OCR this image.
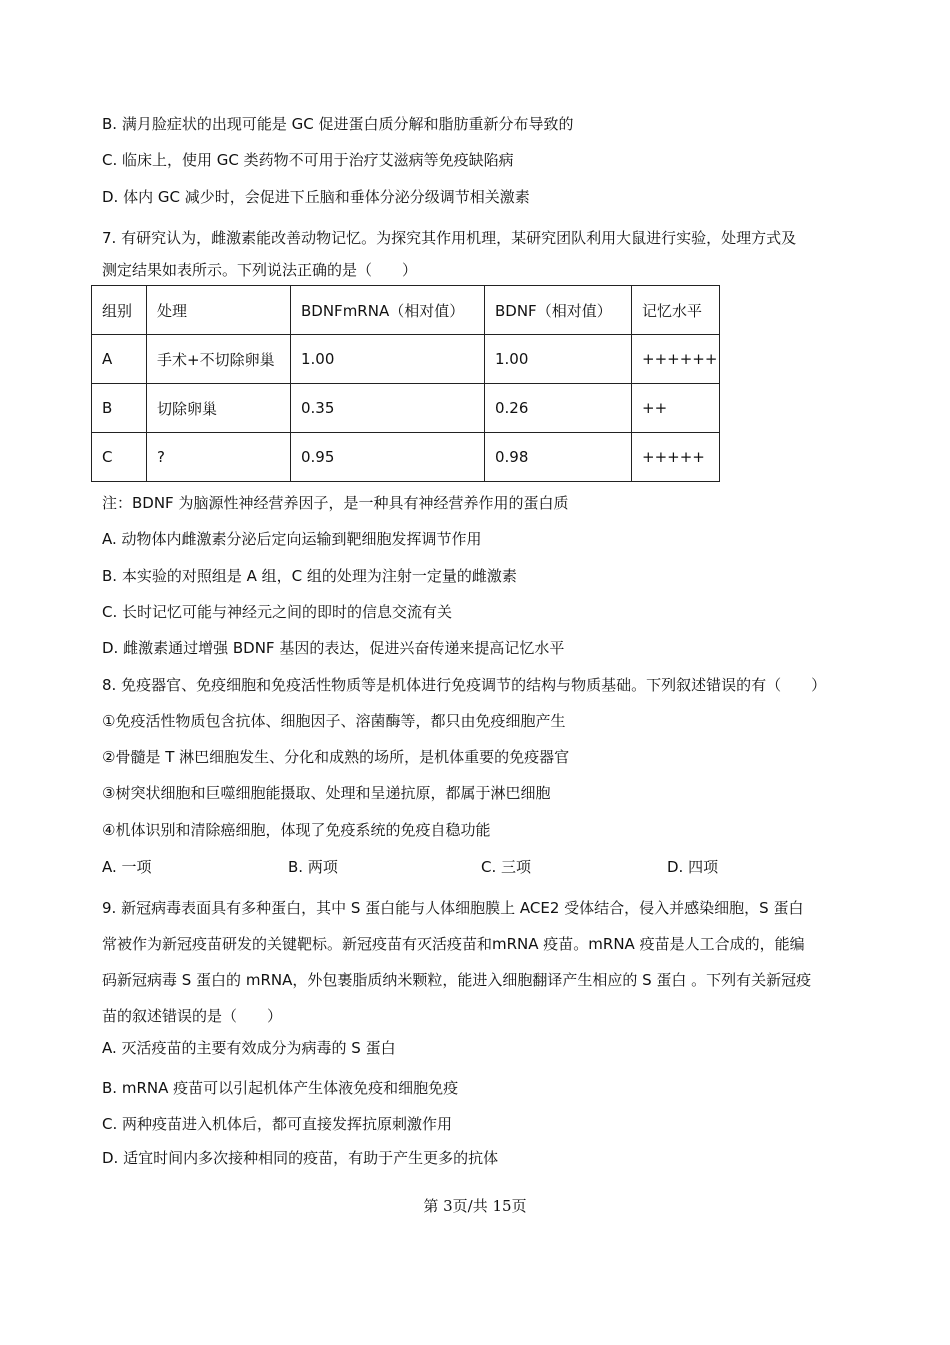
B. 满月脸症状的出现可能是 GC 促进蛋白质分解和脂肪重新分布导致的
C. 临床上，使用 GC 类药物不可用于治疗艾滋病等免疫缺陷病
D. 体内 GC 减少时，会促进下丘脑和垂体分泌分级调节相关激素
7. 有研究认为，雌激素能改善动物记忆。为探究其作用机理，某研究团队利用大鼠进行实验，处理方式及
测定结果如表所示。下列说法正确的是（　　）
组别	处理	BDNFmRNA（相对值）	BDNF（相对值）	记忆水平
A	手术+不切除卵巢	1.00	1.00	++++++
B	切除卵巢	0.35	0.26	++
C	?	0.95	0.98	+++++
注：BDNF 为脑源性神经营养因子，是一种具有神经营养作用的蛋白质
A. 动物体内雌激素分泌后定向运输到靶细胞发挥调节作用
B. 本实验的对照组是 A 组，C 组的处理为注射一定量的雌激素
C. 长时记忆可能与神经元之间的即时的信息交流有关
D. 雌激素通过增强 BDNF 基因的表达，促进兴奋传递来提高记忆水平
8. 免疫器官、免疫细胞和免疫活性物质等是机体进行免疫调节的结构与物质基础。下列叙述错误的有（　　）
①免疫活性物质包含抗体、细胞因子、溶菌酶等，都只由免疫细胞产生
②骨髓是 T 淋巴细胞发生、分化和成熟的场所，是机体重要的免疫器官
③树突状细胞和巨噬细胞能摄取、处理和呈递抗原，都属于淋巴细胞
④机体识别和清除癌细胞，体现了免疫系统的免疫自稳功能
A. 一项	B. 两项	C. 三项	D. 四项
9. 新冠病毒表面具有多种蛋白，其中 S 蛋白能与人体细胞膜上 ACE2 受体结合，侵入并感染细胞，S 蛋白
常被作为新冠疫苗研发的关键靶标。新冠疫苗有灭活疫苗和mRNA 疫苗。mRNA 疫苗是人工合成的，能编
码新冠病毒 S 蛋白的 mRNA，外包裹脂质纳米颗粒，能进入细胞翻译产生相应的 S 蛋白 。下列有关新冠疫
苗的叙述错误的是（　　）
A. 灭活疫苗的主要有效成分为病毒的 S 蛋白
B. mRNA 疫苗可以引起机体产生体液免疫和细胞免疫
C. 两种疫苗进入机体后，都可直接发挥抗原刺激作用
D. 适宜时间内多次接种相同的疫苗，有助于产生更多的抗体
第 3页/共 15页
